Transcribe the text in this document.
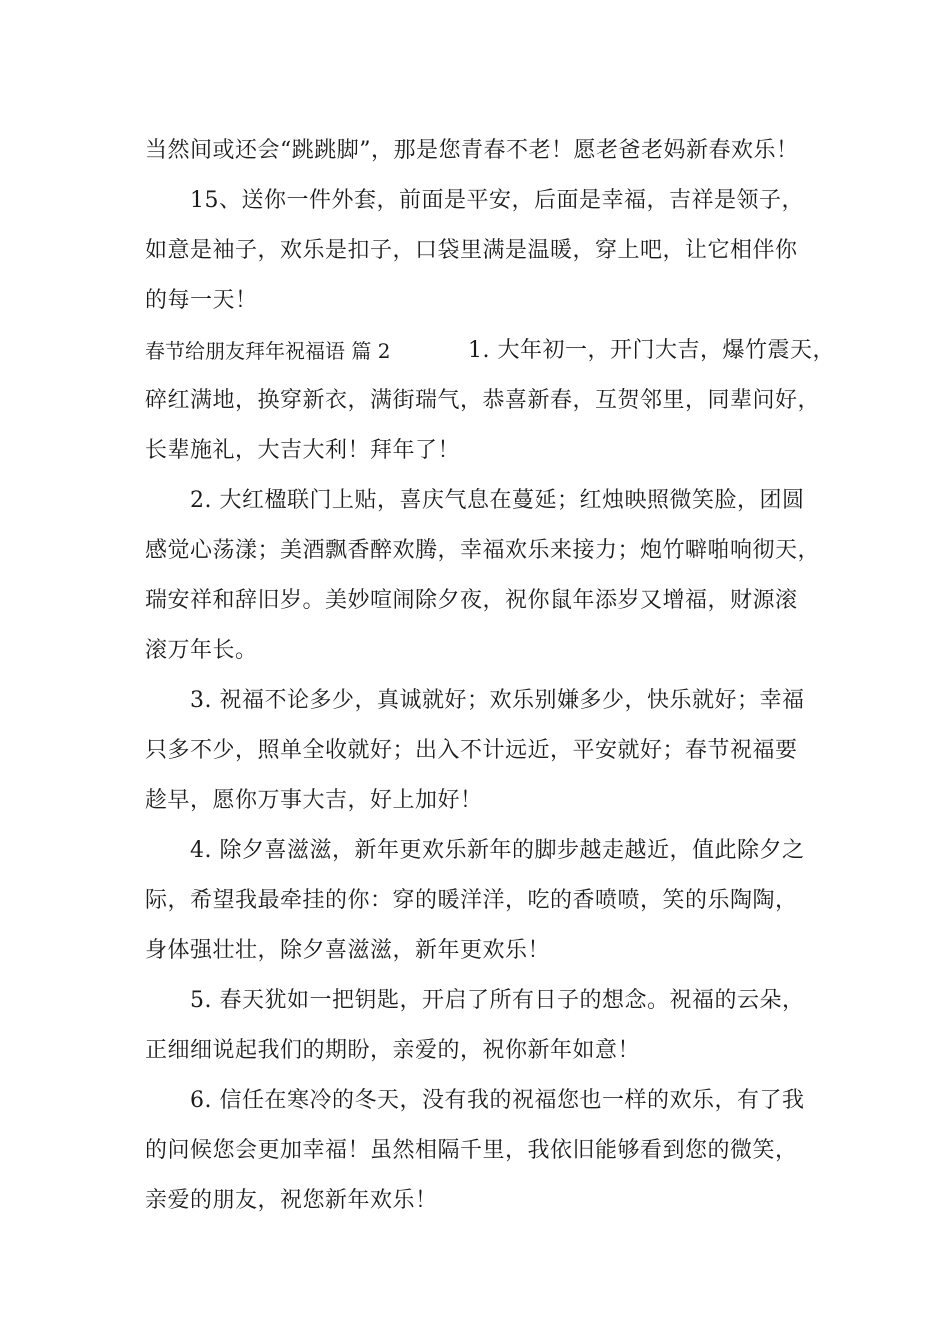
当然间或还会“跳跳脚”，那是您青春不老！愿老爸老妈新春欢乐！
15、送你一件外套，前面是平安，后面是幸福，吉祥是领子，
如意是袖子，欢乐是扣子，口袋里满是温暖，穿上吧，让它相伴你
的每一天！
春节给朋友拜年祝福语 篇 2	1. 大年初一，开门大吉，爆竹震天，
碎红满地，换穿新衣，满街瑞气，恭喜新春，互贺邻里，同辈问好，
长辈施礼，大吉大利！拜年了！
2. 大红楹联门上贴，喜庆气息在蔓延；红烛映照微笑脸，团圆
感觉心荡漾；美酒飘香醉欢腾，幸福欢乐来接力；炮竹噼啪响彻天，
瑞安祥和辞旧岁。美妙喧闹除夕夜，祝你鼠年添岁又增福，财源滚
滚万年长。
3. 祝福不论多少，真诚就好；欢乐别嫌多少，快乐就好；幸福
只多不少，照单全收就好；出入不计远近，平安就好；春节祝福要
趁早，愿你万事大吉，好上加好！
4. 除夕喜滋滋，新年更欢乐新年的脚步越走越近，值此除夕之
际，希望我最牵挂的你：穿的暖洋洋，吃的香喷喷，笑的乐陶陶，
身体强壮壮，除夕喜滋滋，新年更欢乐！
5. 春天犹如一把钥匙，开启了所有日子的想念。祝福的云朵，
正细细说起我们的期盼，亲爱的，祝你新年如意！
6. 信任在寒冷的冬天，没有我的祝福您也一样的欢乐，有了我
的问候您会更加幸福！虽然相隔千里，我依旧能够看到您的微笑，
亲爱的朋友，祝您新年欢乐！
